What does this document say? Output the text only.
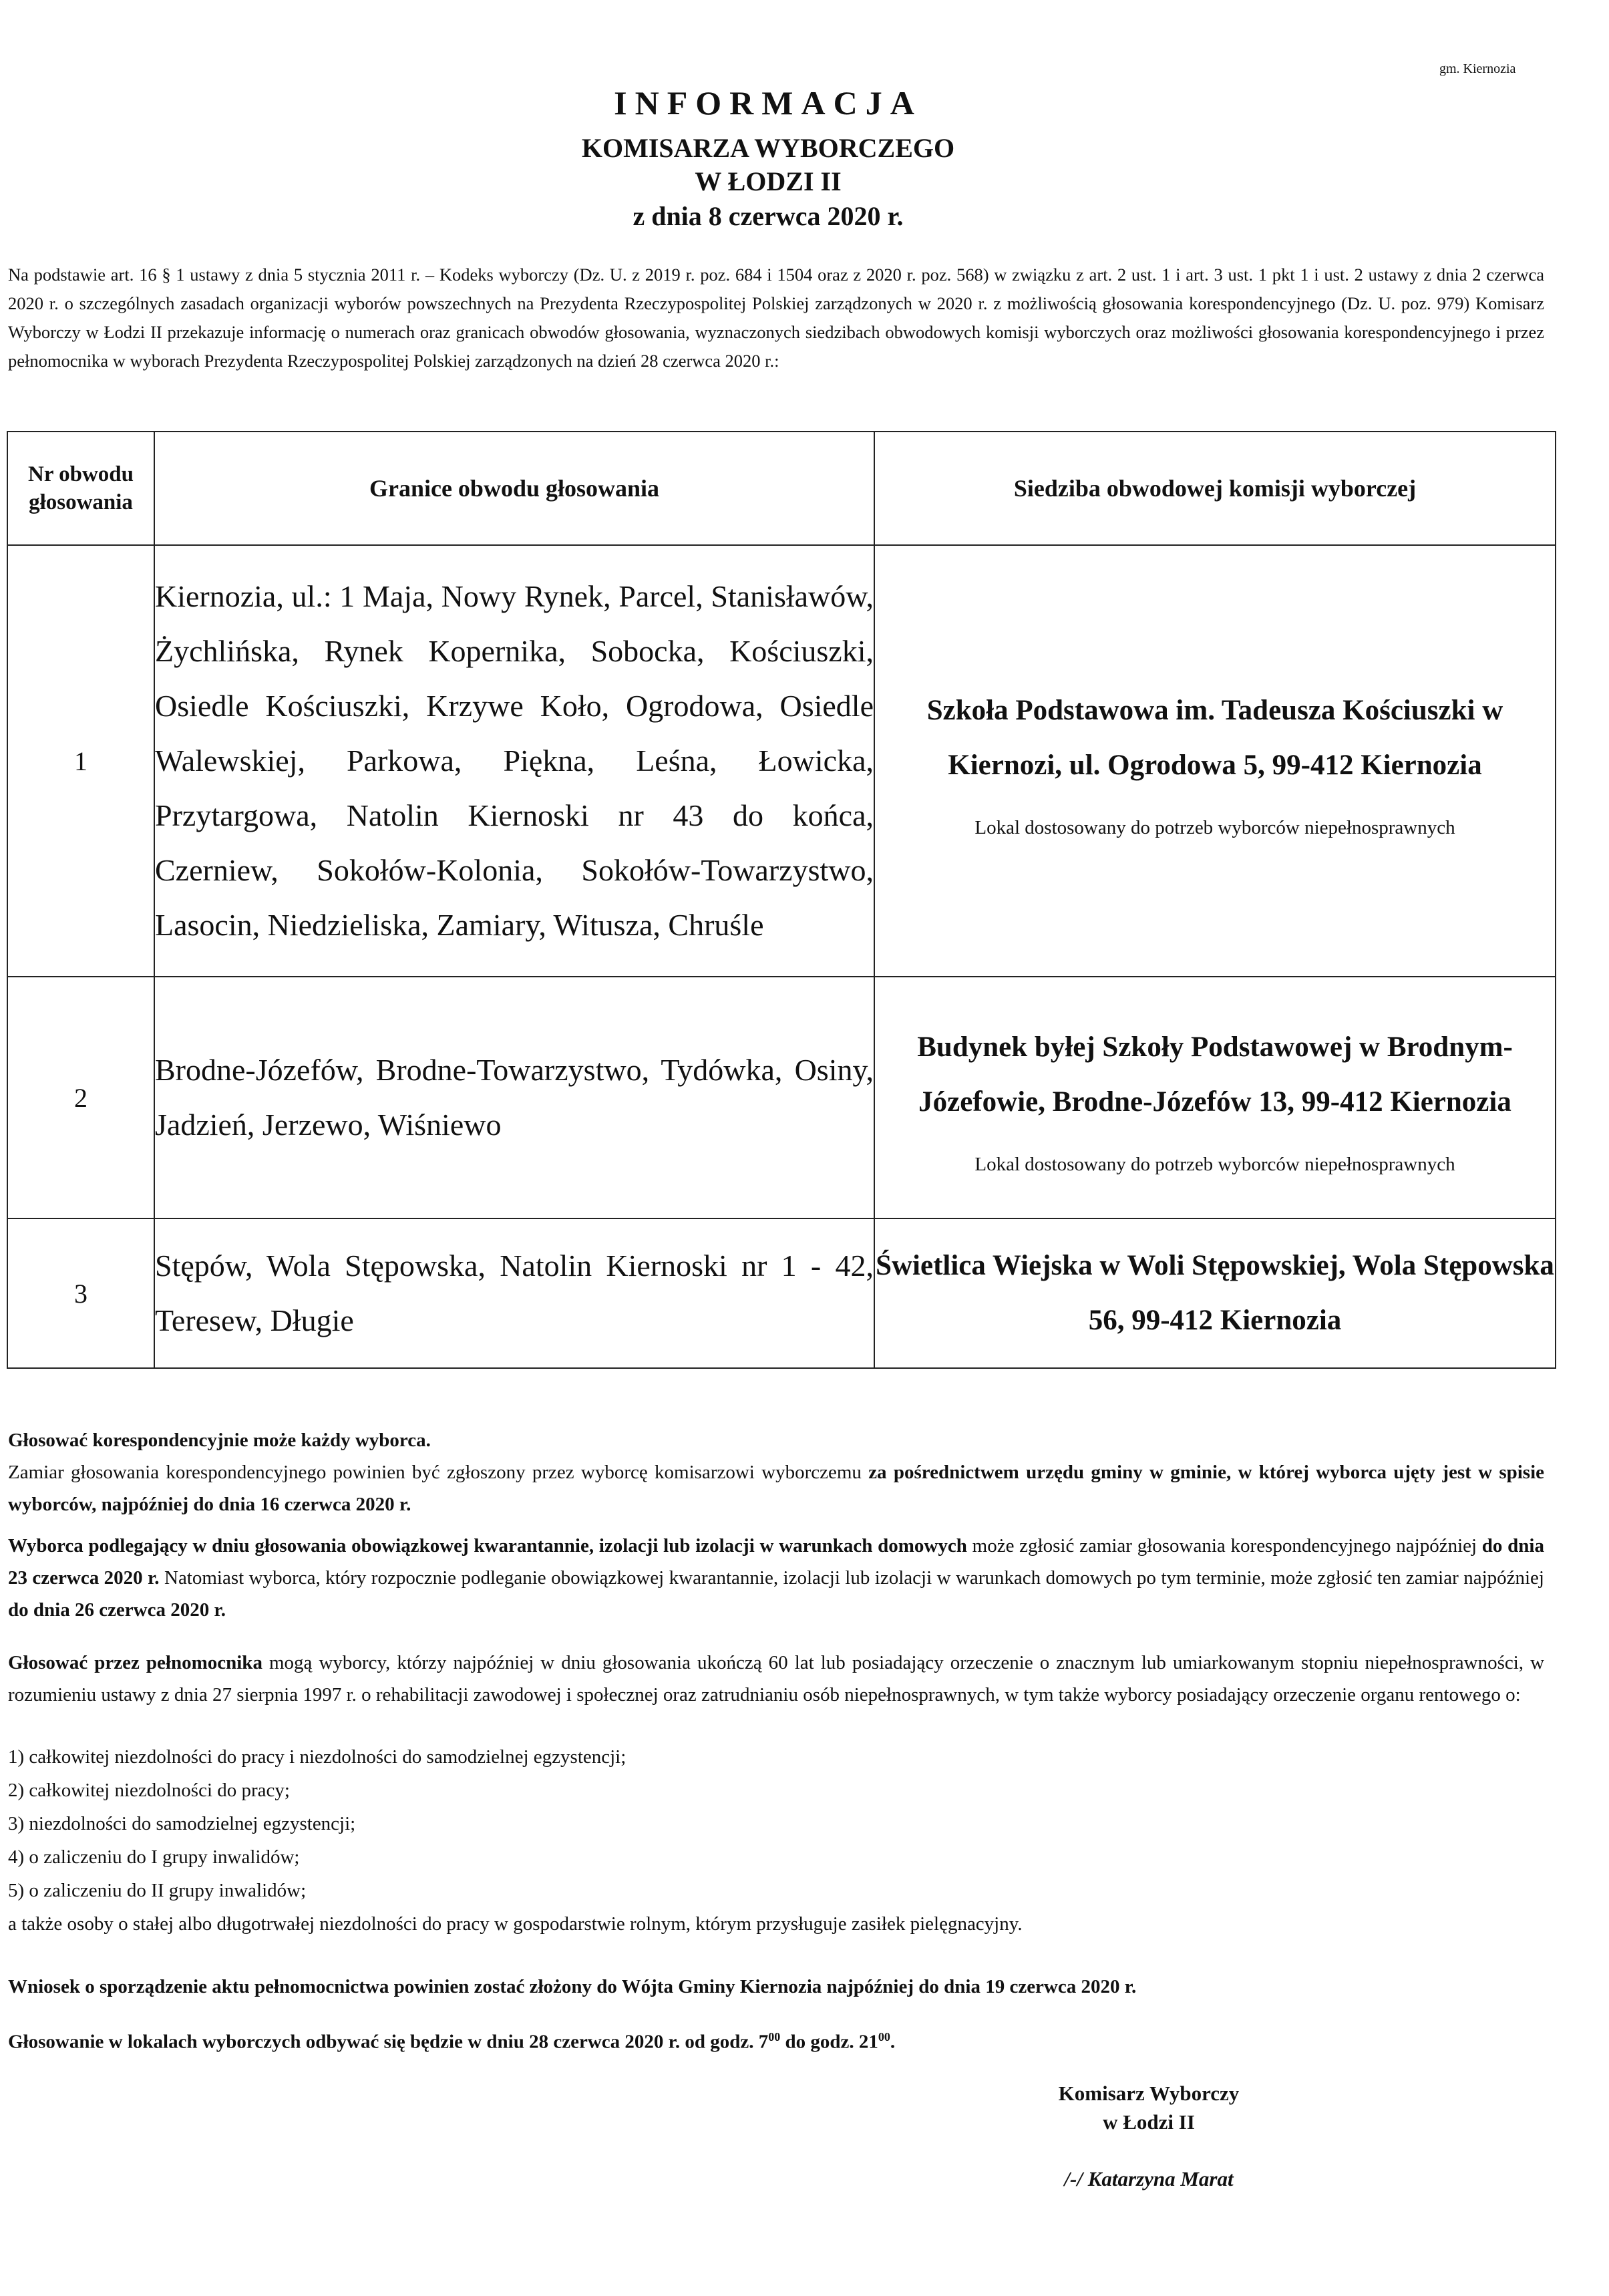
gm. Kiernozia
INFORMACJA
KOMISARZA WYBORCZEGO
W ŁODZI II
z dnia 8 czerwca 2020 r.
Na podstawie art. 16 § 1 ustawy z dnia 5 stycznia 2011 r. – Kodeks wyborczy (Dz. U. z 2019 r. poz. 684 i 1504 oraz z 2020 r. poz. 568) w związku z art. 2 ust. 1 i art. 3 ust. 1 pkt 1 i ust. 2 ustawy z dnia 2 czerwca 2020 r. o szczególnych zasadach organizacji wyborów powszechnych na Prezydenta Rzeczypospolitej Polskiej zarządzonych w 2020 r. z możliwością głosowania korespondencyjnego (Dz. U. poz. 979) Komisarz Wyborczy w Łodzi II przekazuje informację o numerach oraz granicach obwodów głosowania, wyznaczonych siedzibach obwodowych komisji wyborczych oraz możliwości głosowania korespondencyjnego i przez pełnomocnika w wyborach Prezydenta Rzeczypospolitej Polskiej zarządzonych na dzień 28 czerwca 2020 r.:
Nr obwodu głosowania	Granice obwodu głosowania	Siedziba obwodowej komisji wyborczej
1	Kiernozia, ul.: 1 Maja, Nowy Rynek, Parcel, Stanisławów, Żychlińska, Rynek Kopernika, Sobocka, Kościuszki, Osiedle Kościuszki, Krzywe Koło, Ogrodowa, Osiedle Walewskiej, Parkowa, Piękna, Leśna, Łowicka, Przytargowa, Natolin Kiernoski nr 43 do końca, Czerniew, Sokołów-Kolonia, Sokołów-Towarzystwo, Lasocin, Niedzieliska, Zamiary, Witusza, Chruśle	Szkoła Podstawowa im. Tadeusza Kościuszki w Kiernozi, ul. Ogrodowa 5, 99-412 Kiernozia
Lokal dostosowany do potrzeb wyborców niepełnosprawnych

2	Brodne-Józefów, Brodne-Towarzystwo, Tydówka, Osiny, Jadzień, Jerzewo, Wiśniewo	Budynek byłej Szkoły Podstawowej w Brodnym-Józefowie, Brodne-Józefów 13, 99-412 Kiernozia
Lokal dostosowany do potrzeb wyborców niepełnosprawnych

3	Stępów, Wola Stępowska, Natolin Kiernoski nr 1 - 42, Teresew, Długie	Świetlica Wiejska w Woli Stępowskiej, Wola Stępowska 56, 99-412 Kiernozia
Głosować korespondencyjnie może każdy wyborca.
Zamiar głosowania korespondencyjnego powinien być zgłoszony przez wyborcę komisarzowi wyborczemu za pośrednictwem urzędu gminy w gminie, w której wyborca ujęty jest w spisie wyborców, najpóźniej do dnia 16 czerwca 2020 r.
Wyborca podlegający w dniu głosowania obowiązkowej kwarantannie, izolacji lub izolacji w warunkach domowych może zgłosić zamiar głosowania korespondencyjnego najpóźniej do dnia 23 czerwca 2020 r. Natomiast wyborca, który rozpocznie podleganie obowiązkowej kwarantannie, izolacji lub izolacji w warunkach domowych po tym terminie, może zgłosić ten zamiar najpóźniej do dnia 26 czerwca 2020 r.
Głosować przez pełnomocnika mogą wyborcy, którzy najpóźniej w dniu głosowania ukończą 60 lat lub posiadający orzeczenie o znacznym lub umiarkowanym stopniu niepełnosprawności, w rozumieniu ustawy z dnia 27 sierpnia 1997 r. o rehabilitacji zawodowej i społecznej oraz zatrudnianiu osób niepełnosprawnych, w tym także wyborcy posiadający orzeczenie organu rentowego o:
1) całkowitej niezdolności do pracy i niezdolności do samodzielnej egzystencji;
2) całkowitej niezdolności do pracy;
3) niezdolności do samodzielnej egzystencji;
4) o zaliczeniu do I grupy inwalidów;
5) o zaliczeniu do II grupy inwalidów;
a także osoby o stałej albo długotrwałej niezdolności do pracy w gospodarstwie rolnym, którym przysługuje zasiłek pielęgnacyjny.
Wniosek o sporządzenie aktu pełnomocnictwa powinien zostać złożony do Wójta Gminy Kiernozia najpóźniej do dnia 19 czerwca 2020 r.
Głosowanie w lokalach wyborczych odbywać się będzie w dniu 28 czerwca 2020 r. od godz. $7^{00}$ do godz. $21^{00}$.
Komisarz Wyborczy
w Łodzi II
/-/ Katarzyna Marat
